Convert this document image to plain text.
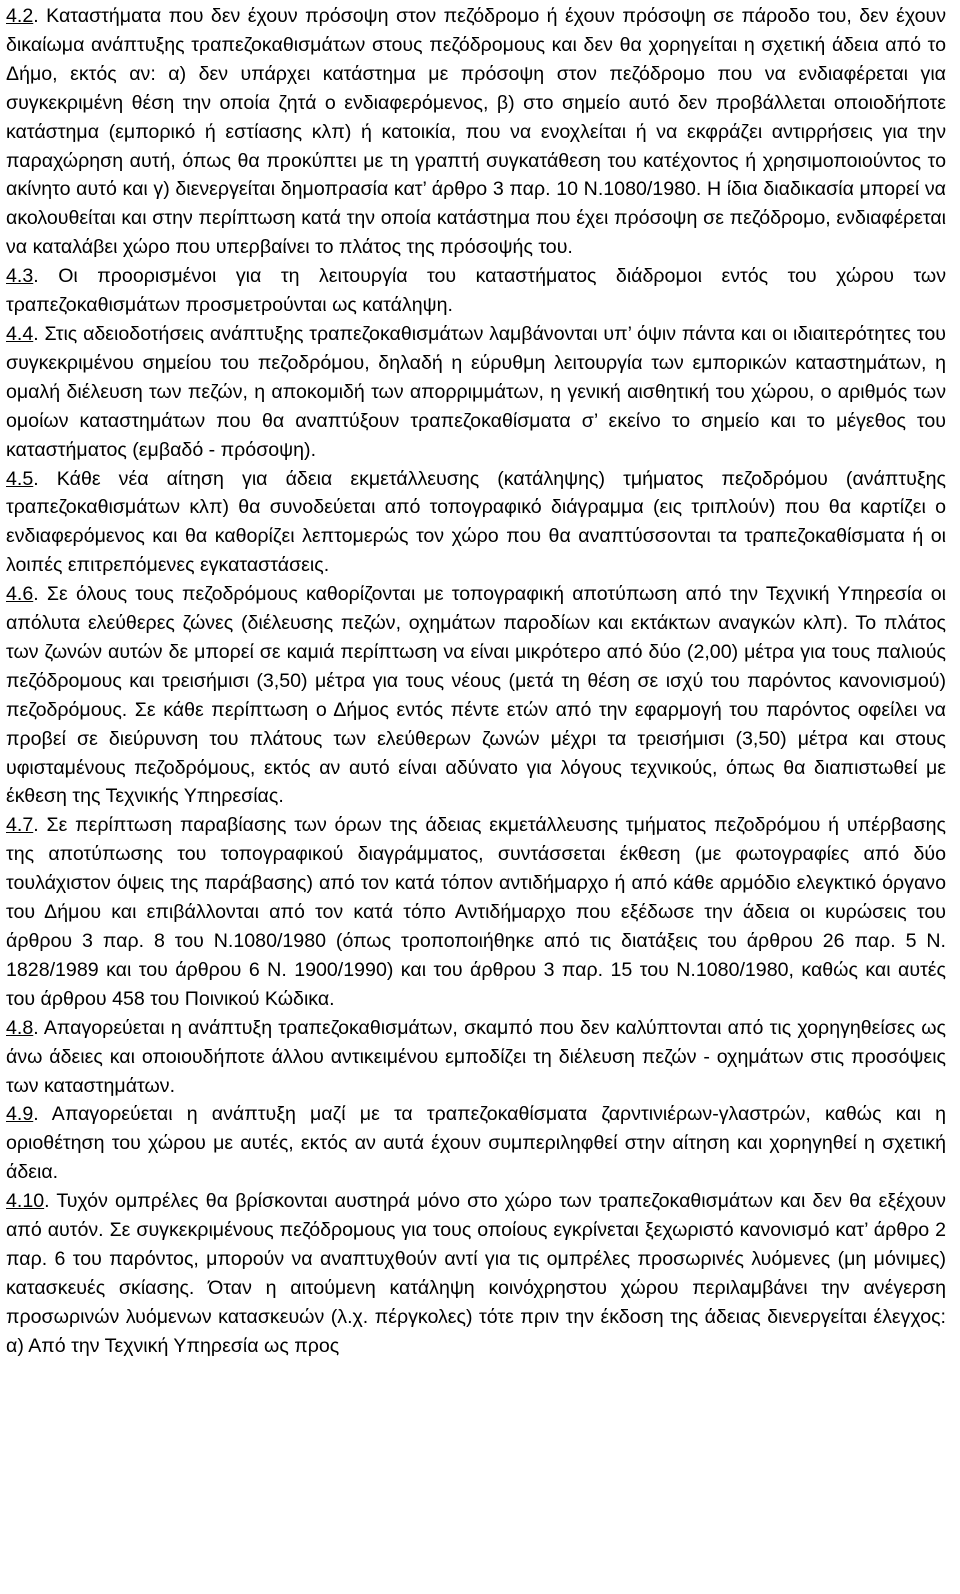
4.2. Καταστήματα που δεν έχουν πρόσοψη στον πεζόδρομο ή έχουν πρόσοψη σε πάροδο του, δεν έχουν δικαίωμα ανάπτυξης τραπεζοκαθισμάτων στους πεζόδρομους και δεν θα χορηγείται η σχετική άδεια από το Δήμο, εκτός αν: α) δεν υπάρχει κατάστημα με πρόσοψη στον πεζόδρομο που να ενδιαφέρεται για συγκεκριμένη θέση την οποία ζητά ο ενδιαφερόμενος, β) στο σημείο αυτό δεν προβάλλεται οποιοδήποτε κατάστημα (εμπορικό ή εστίασης κλπ) ή κατοικία, που να ενοχλείται ή να εκφράζει αντιρρήσεις για την παραχώρηση αυτή, όπως θα προκύπτει με τη γραπτή συγκατάθεση του κατέχοντος ή χρησιμοποιούντος το ακίνητο αυτό και γ) διενεργείται δημοπρασία κατ’ άρθρο 3 παρ. 10 Ν.1080/1980. Η ίδια διαδικασία μπορεί να ακολουθείται και στην περίπτωση κατά την οποία κατάστημα που έχει πρόσοψη σε πεζόδρομο, ενδιαφέρεται να καταλάβει χώρο που υπερβαίνει το πλάτος της πρόσοψής του.

4.3. Οι προορισμένοι για τη λειτουργία του καταστήματος διάδρομοι εντός του χώρου των τραπεζοκαθισμάτων προσμετρούνται ως κατάληψη.

4.4. Στις αδειοδοτήσεις ανάπτυξης τραπεζοκαθισμάτων λαμβάνονται υπ’ όψιν πάντα και οι ιδιαιτερότητες του συγκεκριμένου σημείου του πεζοδρόμου, δηλαδή η εύρυθμη λειτουργία των εμπορικών καταστημάτων, η ομαλή διέλευση των πεζών, η αποκομιδή των απορριμμάτων, η γενική αισθητική του χώρου, ο αριθμός των ομοίων καταστημάτων που θα αναπτύξουν τραπεζοκαθίσματα σ’ εκείνο το σημείο και το μέγεθος του καταστήματος (εμβαδό - πρόσοψη).

4.5. Κάθε νέα αίτηση για άδεια εκμετάλλευσης (κατάληψης) τμήματος πεζοδρόμου (ανάπτυξης τραπεζοκαθισμάτων κλπ) θα συνοδεύεται από τοπογραφικό διάγραμμα (εις τριπλούν) που θα καρτίζει ο ενδιαφερόμενος και θα καθορίζει λεπτομερώς τον χώρο που θα αναπτύσσονται τα τραπεζοκαθίσματα ή οι λοιπές επιτρεπόμενες εγκαταστάσεις.

4.6. Σε όλους τους πεζοδρόμους καθορίζονται με τοπογραφική αποτύπωση από την Τεχνική Υπηρεσία οι απόλυτα ελεύθερες ζώνες (διέλευσης πεζών, οχημάτων παροδίων και εκτάκτων αναγκών κλπ). Το πλάτος των ζωνών αυτών δε μπορεί σε καμιά περίπτωση να είναι μικρότερο από δύο (2,00) μέτρα για τους παλιούς πεζόδρομους και τρεισήμισι (3,50) μέτρα για τους νέους (μετά τη θέση σε ισχύ του παρόντος κανονισμού) πεζοδρόμους. Σε κάθε περίπτωση ο Δήμος εντός πέντε ετών από την εφαρμογή του παρόντος οφείλει να προβεί σε διεύρυνση του πλάτους των ελεύθερων ζωνών μέχρι τα τρεισήμισι (3,50) μέτρα και στους υφισταμένους πεζοδρόμους, εκτός αν αυτό είναι αδύνατο για λόγους τεχνικούς, όπως θα διαπιστωθεί με έκθεση της Τεχνικής Υπηρεσίας.

4.7. Σε περίπτωση παραβίασης των όρων της άδειας εκμετάλλευσης τμήματος πεζοδρόμου ή υπέρβασης της αποτύπωσης του τοπογραφικού διαγράμματος, συντάσσεται έκθεση (με φωτογραφίες από δύο τουλάχιστον όψεις της παράβασης) από τον κατά τόπον αντιδήμαρχο ή από κάθε αρμόδιο ελεγκτικό όργανο του Δήμου και επιβάλλονται από τον κατά τόπο Αντιδήμαρχο που εξέδωσε την άδεια οι κυρώσεις του άρθρου 3 παρ. 8 του Ν.1080/1980 (όπως τροποποιήθηκε από τις διατάξεις του άρθρου 26 παρ. 5 Ν. 1828/1989 και του άρθρου 6 Ν. 1900/1990) και του άρθρου 3 παρ. 15 του Ν.1080/1980, καθώς και αυτές του άρθρου 458 του Ποινικού Κώδικα.

4.8. Απαγορεύεται η ανάπτυξη τραπεζοκαθισμάτων, σκαμπό που δεν καλύπτονται από τις χορηγηθείσες ως άνω άδειες και οποιουδήποτε άλλου αντικειμένου εμποδίζει τη διέλευση πεζών - οχημάτων στις προσόψεις των καταστημάτων.

4.9. Απαγορεύεται η ανάπτυξη μαζί με τα τραπεζοκαθίσματα ζαρντινιέρων-γλαστρών, καθώς και η οριοθέτηση του χώρου με αυτές, εκτός αν αυτά έχουν συμπεριληφθεί στην αίτηση και χορηγηθεί η σχετική άδεια.

4.10. Τυχόν ομπρέλες θα βρίσκονται αυστηρά μόνο στο χώρο των τραπεζοκαθισμάτων και δεν θα εξέχουν από αυτόν. Σε συγκεκριμένους πεζόδρομους για τους οποίους εγκρίνεται ξεχωριστό κανονισμό κατ’ άρθρο 2 παρ. 6 του παρόντος, μπορούν να αναπτυχθούν αντί για τις ομπρέλες προσωρινές λυόμενες (μη μόνιμες) κατασκευές σκίασης. Όταν η αιτούμενη κατάληψη κοινόχρηστου χώρου περιλαμβάνει την ανέγερση προσωρινών λυόμενων κατασκευών (λ.χ. πέργκολες) τότε πριν την έκδοση της άδειας διενεργείται έλεγχος: α) Από την Τεχνική Υπηρεσία ως προς
